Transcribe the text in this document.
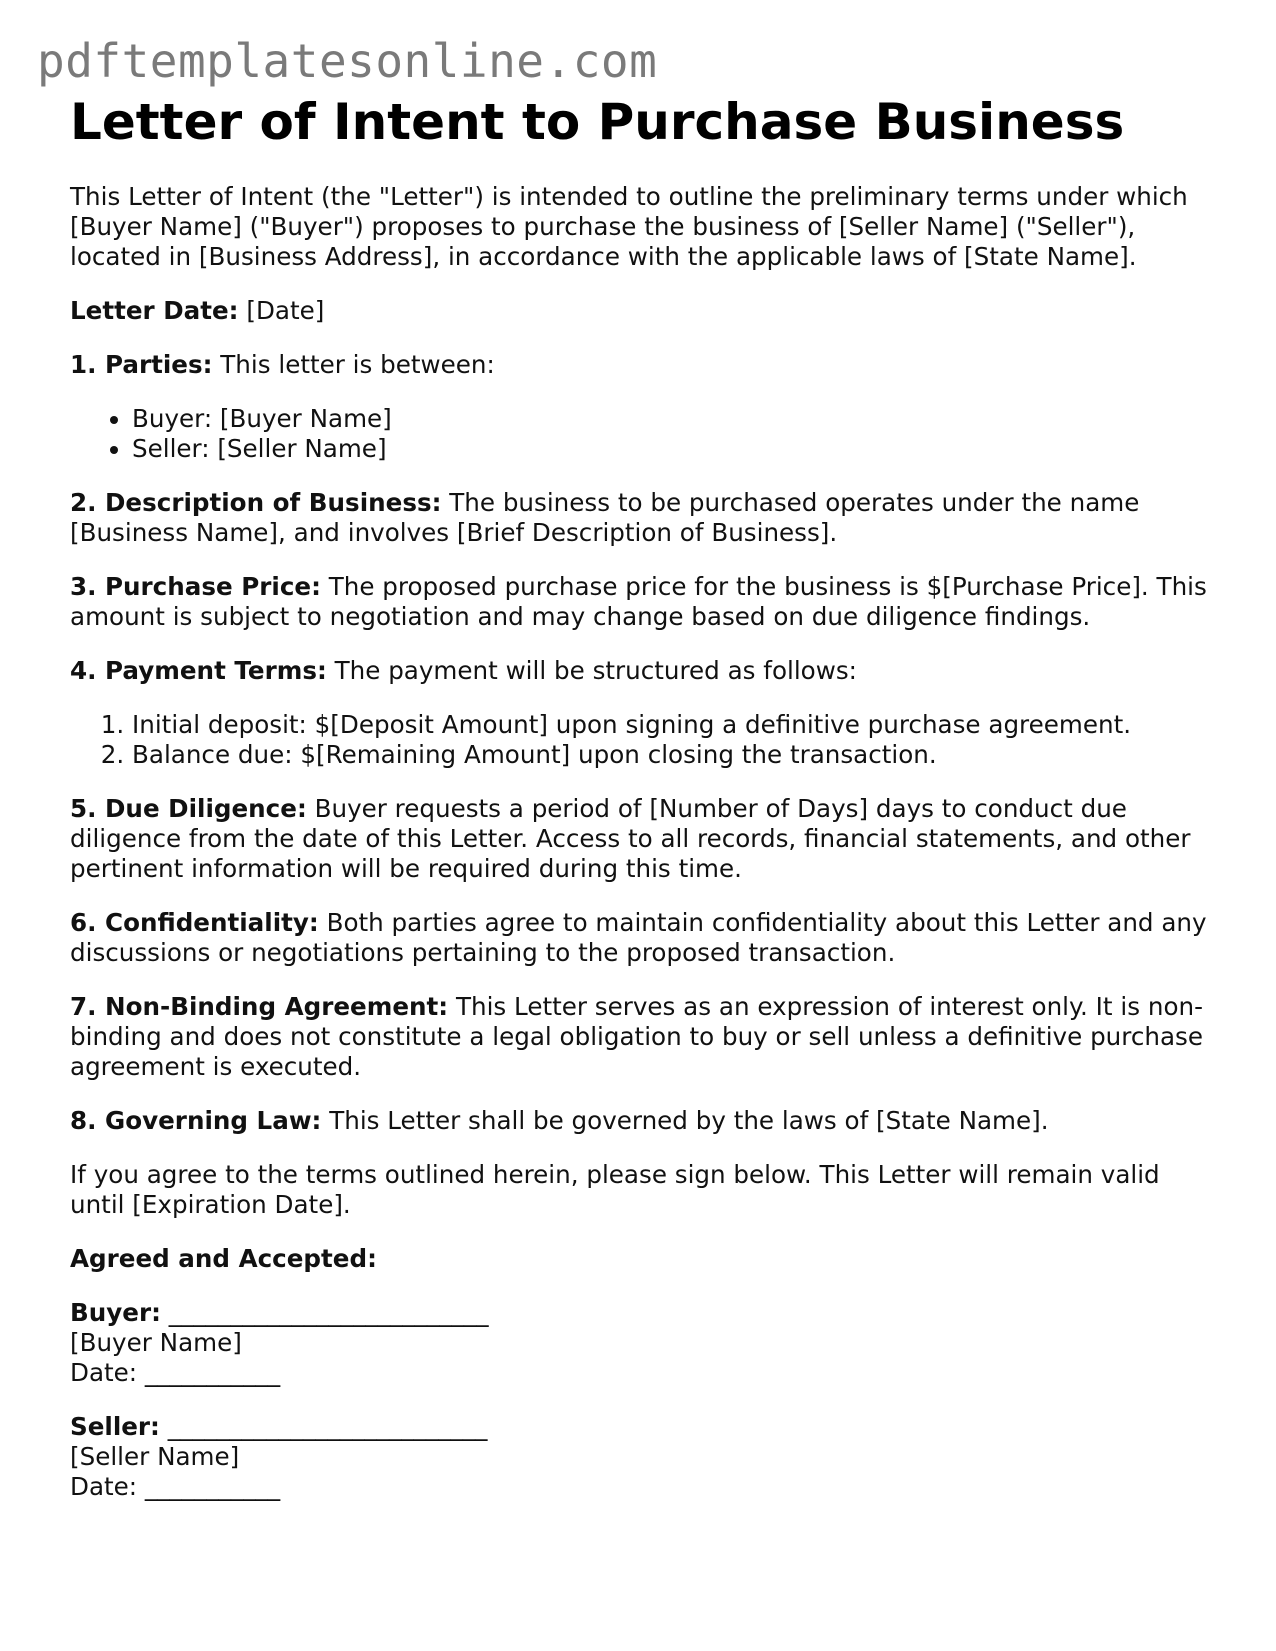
pdftemplatesonline.com
Letter of Intent to Purchase Business

This Letter of Intent (the "Letter") is intended to outline the preliminary terms under which [Buyer Name] ("Buyer") proposes to purchase the business of [Seller Name] ("Seller"), located in [Business Address], in accordance with the applicable laws of [State Name].

Letter Date: [Date]

1. Parties: This letter is between:

• Buyer: [Buyer Name]
• Seller: [Seller Name]

2. Description of Business: The business to be purchased operates under the name [Business Name], and involves [Brief Description of Business].

3. Purchase Price: The proposed purchase price for the business is $[Purchase Price]. This amount is subject to negotiation and may change based on due diligence findings.

4. Payment Terms: The payment will be structured as follows:

1. Initial deposit: $[Deposit Amount] upon signing a definitive purchase agreement.
2. Balance due: $[Remaining Amount] upon closing the transaction.

5. Due Diligence: Buyer requests a period of [Number of Days] days to conduct due diligence from the date of this Letter. Access to all records, financial statements, and other pertinent information will be required during this time.

6. Confidentiality: Both parties agree to maintain confidentiality about this Letter and any discussions or negotiations pertaining to the proposed transaction.

7. Non-Binding Agreement: This Letter serves as an expression of interest only. It is non-binding and does not constitute a legal obligation to buy or sell unless a definitive purchase agreement is executed.

8. Governing Law: This Letter shall be governed by the laws of [State Name].

If you agree to the terms outlined herein, please sign below. This Letter will remain valid until [Expiration Date].

Agreed and Accepted:

Buyer: __________________________
[Buyer Name]
Date: ___________

Seller: __________________________
[Seller Name]
Date: ___________
